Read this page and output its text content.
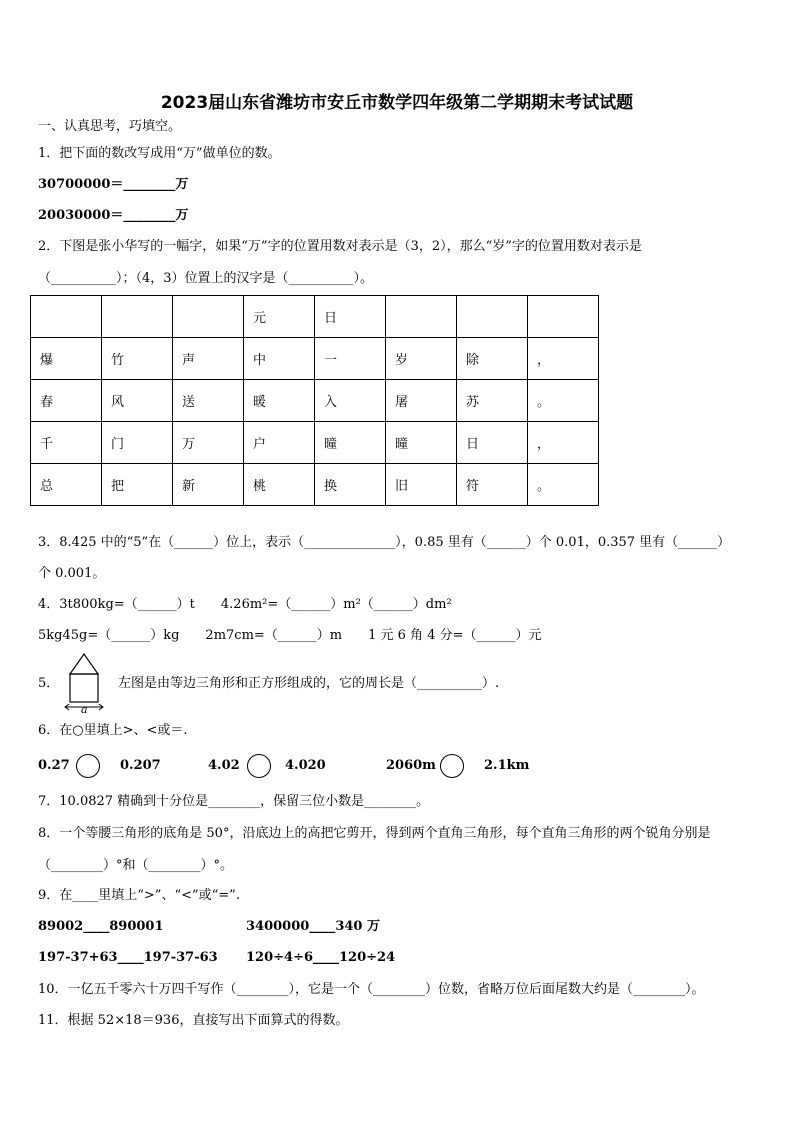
2023届山东省潍坊市安丘市数学四年级第二学期期末考试试题
一、认真思考，巧填空。
1．把下面的数改写成用“万”做单位的数。
30700000＝________万
20030000＝________万
2．下图是张小华写的一幅字，如果“万”字的位置用数对表示是（3，2），那么“岁”字的位置用数对表示是
（__________）；（4，3）位置上的汉字是（__________）。
			元	日			
爆	竹	声	中	一	岁	除	，
春	风	送	暖	入	屠	苏	。
千	门	万	户	曈	曈	日	，
总	把	新	桃	换	旧	符	。
3．8.425 中的“5”在（______）位上，表示（______________），0.85 里有（______）个 0.01，0.357 里有（______）
个 0.001。
4．3t800kg=（______）t　　4.26m²=（______）m²（______）dm²
5kg45g=（______）kg　　2m7cm=（______）m　　1 元 6 角 4 分=（______）元
5．
a
左图是由等边三角形和正方形组成的，它的周长是（__________）.
6．在○里填上>、<或＝.
0.27	0.207	4.02	4.020	2060m	2.1km
7．10.0827 精确到十分位是________，保留三位小数是________。
8．一个等腰三角形的底角是 50°，沿底边上的高把它剪开，得到两个直角三角形，每个直角三角形的两个锐角分别是
（________）°和（________）°。
9．在____里填上“>”、“<”或“=”.
89002____890001	3400000____340 万
197-37+63____197-37-63 120÷4÷6____120÷24
10．一亿五千零六十万四千写作（________），它是一个（________）位数，省略万位后面尾数大约是（________）。
11．根据 52×18＝936，直接写出下面算式的得数。
